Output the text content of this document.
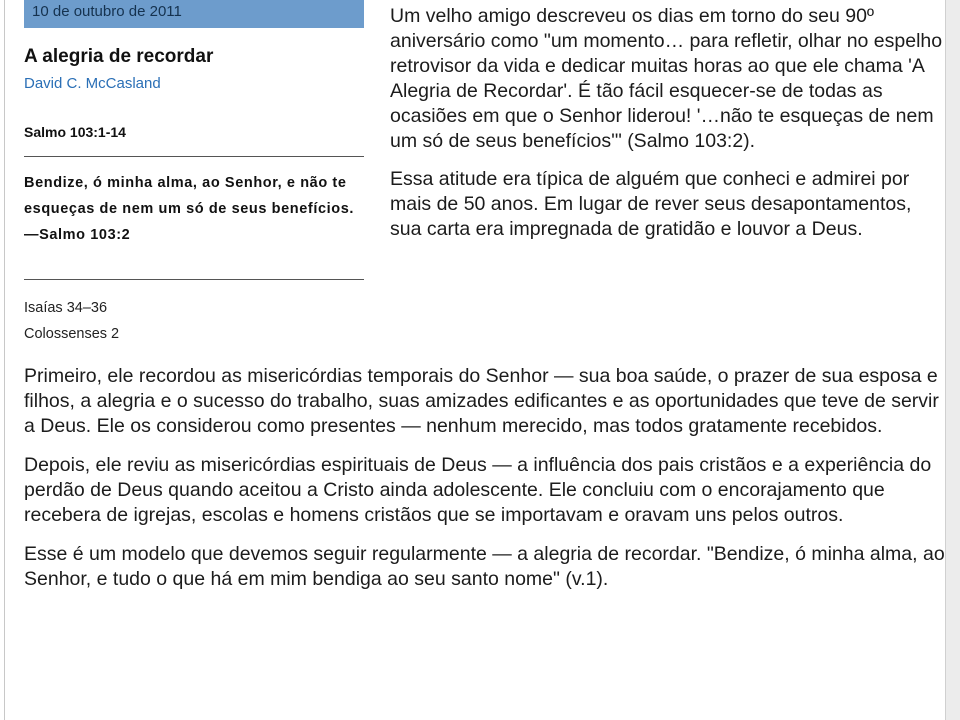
10 de outubro de 2011
A alegria de recordar
David C. McCasland
Salmo 103:1-14
Bendize, ó minha alma, ao Senhor, e não te esqueças de nem um só de seus benefícios. —Salmo 103:2
Isaías 34–36
Colossenses 2

Um velho amigo descreveu os dias em torno do seu 90º aniversário como "um momento… para refletir, olhar no espelho retrovisor da vida e dedicar muitas horas ao que ele chama 'A Alegria de Recordar'. É tão fácil esquecer-se de todas as ocasiões em que o Senhor liderou! '…não te esqueças de nem um só de seus benefícios'" (Salmo 103:2).

Essa atitude era típica de alguém que conheci e admirei por mais de 50 anos. Em lugar de rever seus desapontamentos, sua carta era impregnada de gratidão e louvor a Deus.

Primeiro, ele recordou as misericórdias temporais do Senhor — sua boa saúde, o prazer de sua esposa e filhos, a alegria e o sucesso do trabalho, suas amizades edificantes e as oportunidades que teve de servir a Deus. Ele os considerou como presentes — nenhum merecido, mas todos gratamente recebidos.

Depois, ele reviu as misericórdias espirituais de Deus — a influência dos pais cristãos e a experiência do perdão de Deus quando aceitou a Cristo ainda adolescente. Ele concluiu com o encorajamento que recebera de igrejas, escolas e homens cristãos que se importavam e oravam uns pelos outros.

Esse é um modelo que devemos seguir regularmente — a alegria de recordar. "Bendize, ó minha alma, ao Senhor, e tudo o que há em mim bendiga ao seu santo nome" (v.1).
